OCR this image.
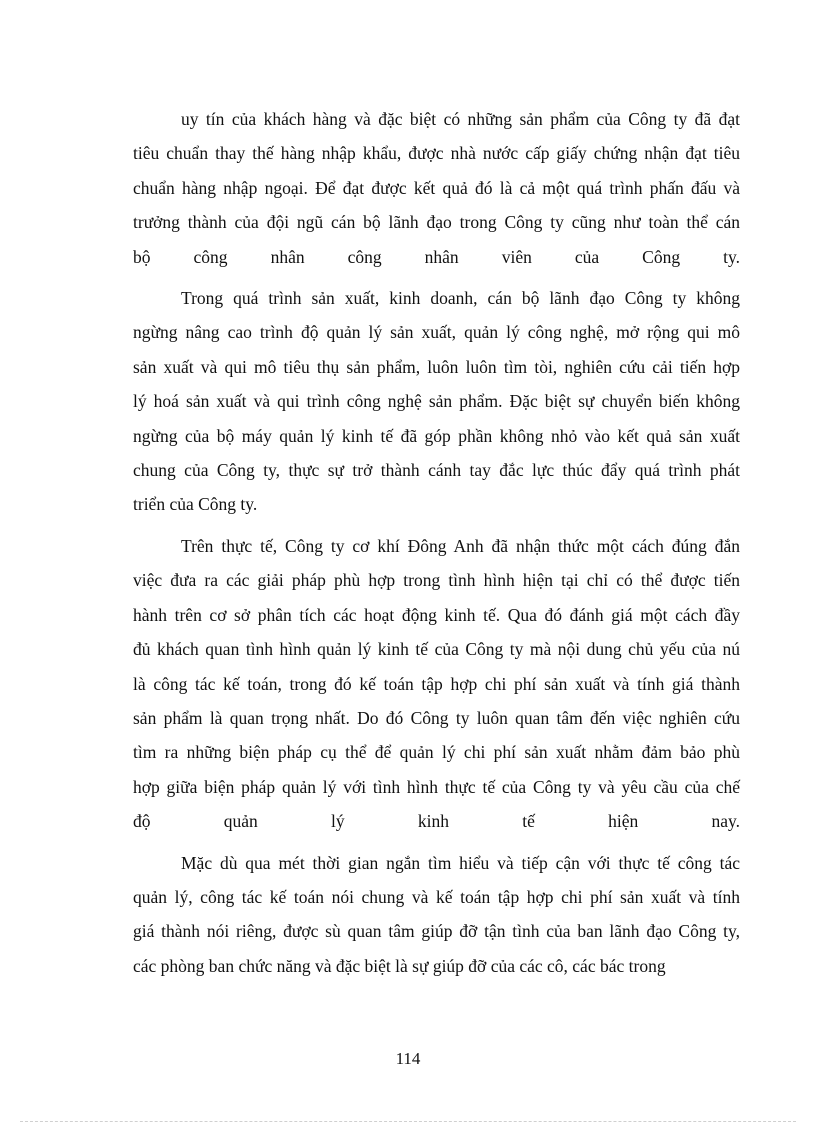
uy tín của khách hàng và đặc biệt có những sản phẩm của Công ty đã đạt
tiêu chuẩn thay thế hàng nhập khẩu, được nhà nước cấp giấy chứng nhận đạt tiêu
chuẩn hàng nhập ngoại. Để đạt được kết quả đó là cả một quá trình phấn đấu và
trưởng thành của đội ngũ cán bộ lãnh đạo trong Công ty cũng như toàn thể cán
bộ công nhân công nhân viên của Công ty.
Trong quá trình sản xuất, kinh doanh, cán bộ lãnh đạo Công ty không
ngừng nâng cao trình độ quản lý sản xuất, quản lý công nghệ, mở rộng qui mô
sản xuất và qui mô tiêu thụ sản phẩm, luôn luôn tìm tòi, nghiên cứu cải tiến hợp
lý hoá sản xuất và qui trình công nghệ sản phẩm. Đặc biệt sự chuyển biến không
ngừng của bộ máy quản lý kinh tế đã góp phần không nhỏ vào kết quả sản xuất
chung của Công ty, thực sự trở thành cánh tay đắc lực thúc đẩy quá trình phát
triển của Công ty.
Trên thực tế, Công ty cơ khí Đông Anh đã nhận thức một cách đúng đắn
việc đưa ra các giải pháp phù hợp trong tình hình hiện tại chỉ có thể được tiến
hành trên cơ sở phân tích các hoạt động kinh tế. Qua đó đánh giá một cách đầy
đủ khách quan tình hình quản lý kinh tế của Công ty mà nội dung chủ yếu của nú
là công tác kế toán, trong đó kế toán tập hợp chi phí sản xuất và tính giá thành
sản phẩm là quan trọng nhất. Do đó Công ty luôn quan tâm đến việc nghiên cứu
tìm ra những biện pháp cụ thể để quản lý chi phí sản xuất nhằm đảm bảo phù
hợp giữa biện pháp quản lý với tình hình thực tế của Công ty và yêu cầu của chế
độ	quản	lý	kinh	tế	hiện	nay.
Mặc dù qua mét thời gian ngắn tìm hiểu và tiếp cận với thực tế công tác
quản lý, công tác kế toán nói chung và kế toán tập hợp chi phí sản xuất và tính
giá thành nói riêng, được sù quan tâm giúp đỡ tận tình của ban lãnh đạo Công ty,
các phòng ban chức năng và đặc biệt là sự giúp đỡ của các cô, các bác trong
114
